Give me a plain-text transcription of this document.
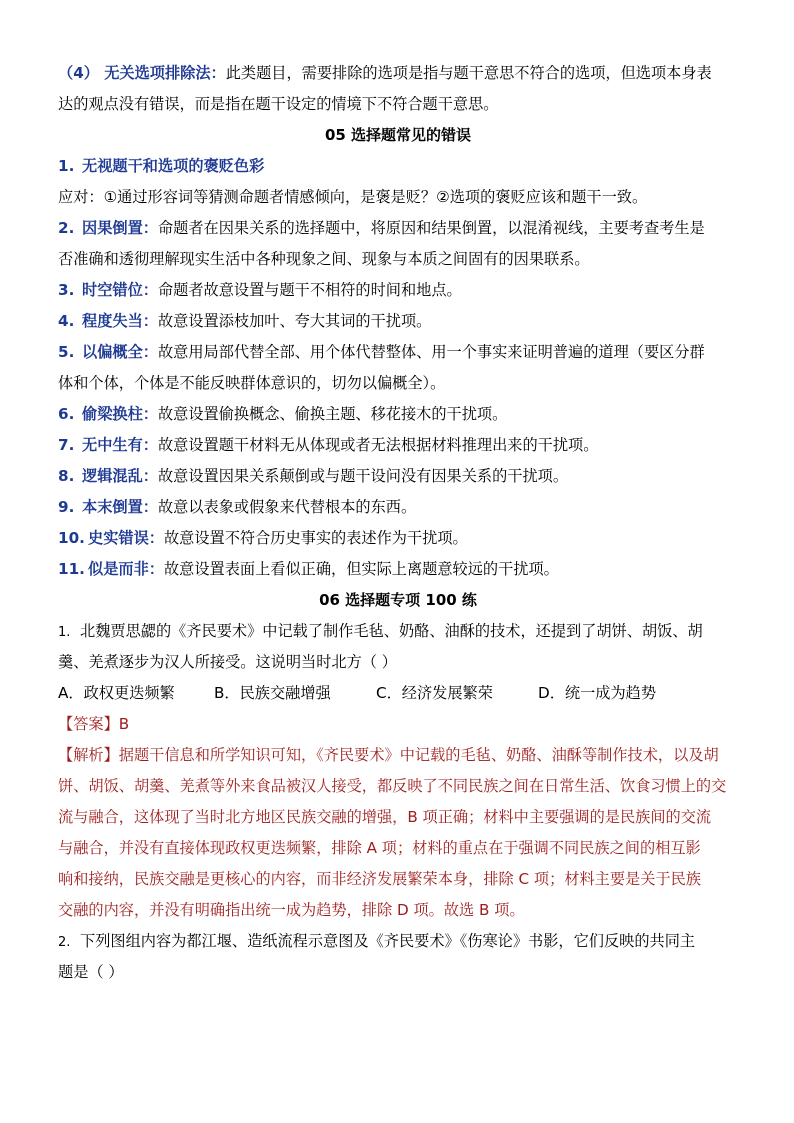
（4） 无关选项排除法：此类题目，需要排除的选项是指与题干意思不符合的选项，但选项本身表
达的观点没有错误，而是指在题干设定的情境下不符合题干意思。
05 选择题常见的错误
1. 无视题干和选项的褒贬色彩
应对：①通过形容词等猜测命题者情感倾向，是褒是贬？②选项的褒贬应该和题干一致。
2. 因果倒置：命题者在因果关系的选择题中，将原因和结果倒置，以混淆视线，主要考查考生是
否准确和透彻理解现实生活中各种现象之间、现象与本质之间固有的因果联系。
3. 时空错位：命题者故意设置与题干不相符的时间和地点。
4. 程度失当：故意设置添枝加叶、夸大其词的干扰项。
5. 以偏概全：故意用局部代替全部、用个体代替整体、用一个事实来证明普遍的道理（要区分群
体和个体，个体是不能反映群体意识的，切勿以偏概全）。
6. 偷梁换柱：故意设置偷换概念、偷换主题、移花接木的干扰项。
7. 无中生有：故意设置题干材料无从体现或者无法根据材料推理出来的干扰项。
8. 逻辑混乱：故意设置因果关系颠倒或与题干设问没有因果关系的干扰项。
9. 本末倒置：故意以表象或假象来代替根本的东西。
10. 史实错误：故意设置不符合历史事实的表述作为干扰项。
11. 似是而非：故意设置表面上看似正确，但实际上离题意较远的干扰项。
06 选择题专项 100 练
1. 北魏贾思勰的《齐民要术》中记载了制作毛毡、奶酪、油酥的技术，还提到了胡饼、胡饭、胡
羹、羌煮逐步为汉人所接受。这说明当时北方（ ）
A．政权更迭频繁	B．民族交融增强	C．经济发展繁荣	D．统一成为趋势
【答案】B
【解析】据题干信息和所学知识可知，《齐民要术》中记载的毛毡、奶酪、油酥等制作技术，以及胡
饼、胡饭、胡羹、羌煮等外来食品被汉人接受，都反映了不同民族之间在日常生活、饮食习惯上的交
流与融合，这体现了当时北方地区民族交融的增强，B 项正确；材料中主要强调的是民族间的交流
与融合，并没有直接体现政权更迭频繁，排除 A 项；材料的重点在于强调不同民族之间的相互影
响和接纳，民族交融是更核心的内容，而非经济发展繁荣本身，排除 C 项；材料主要是关于民族
交融的内容，并没有明确指出统一成为趋势，排除 D 项。故选 B 项。
2. 下列图组内容为都江堰、造纸流程示意图及《齐民要术》《伤寒论》书影，它们反映的共同主
题是（ ）
